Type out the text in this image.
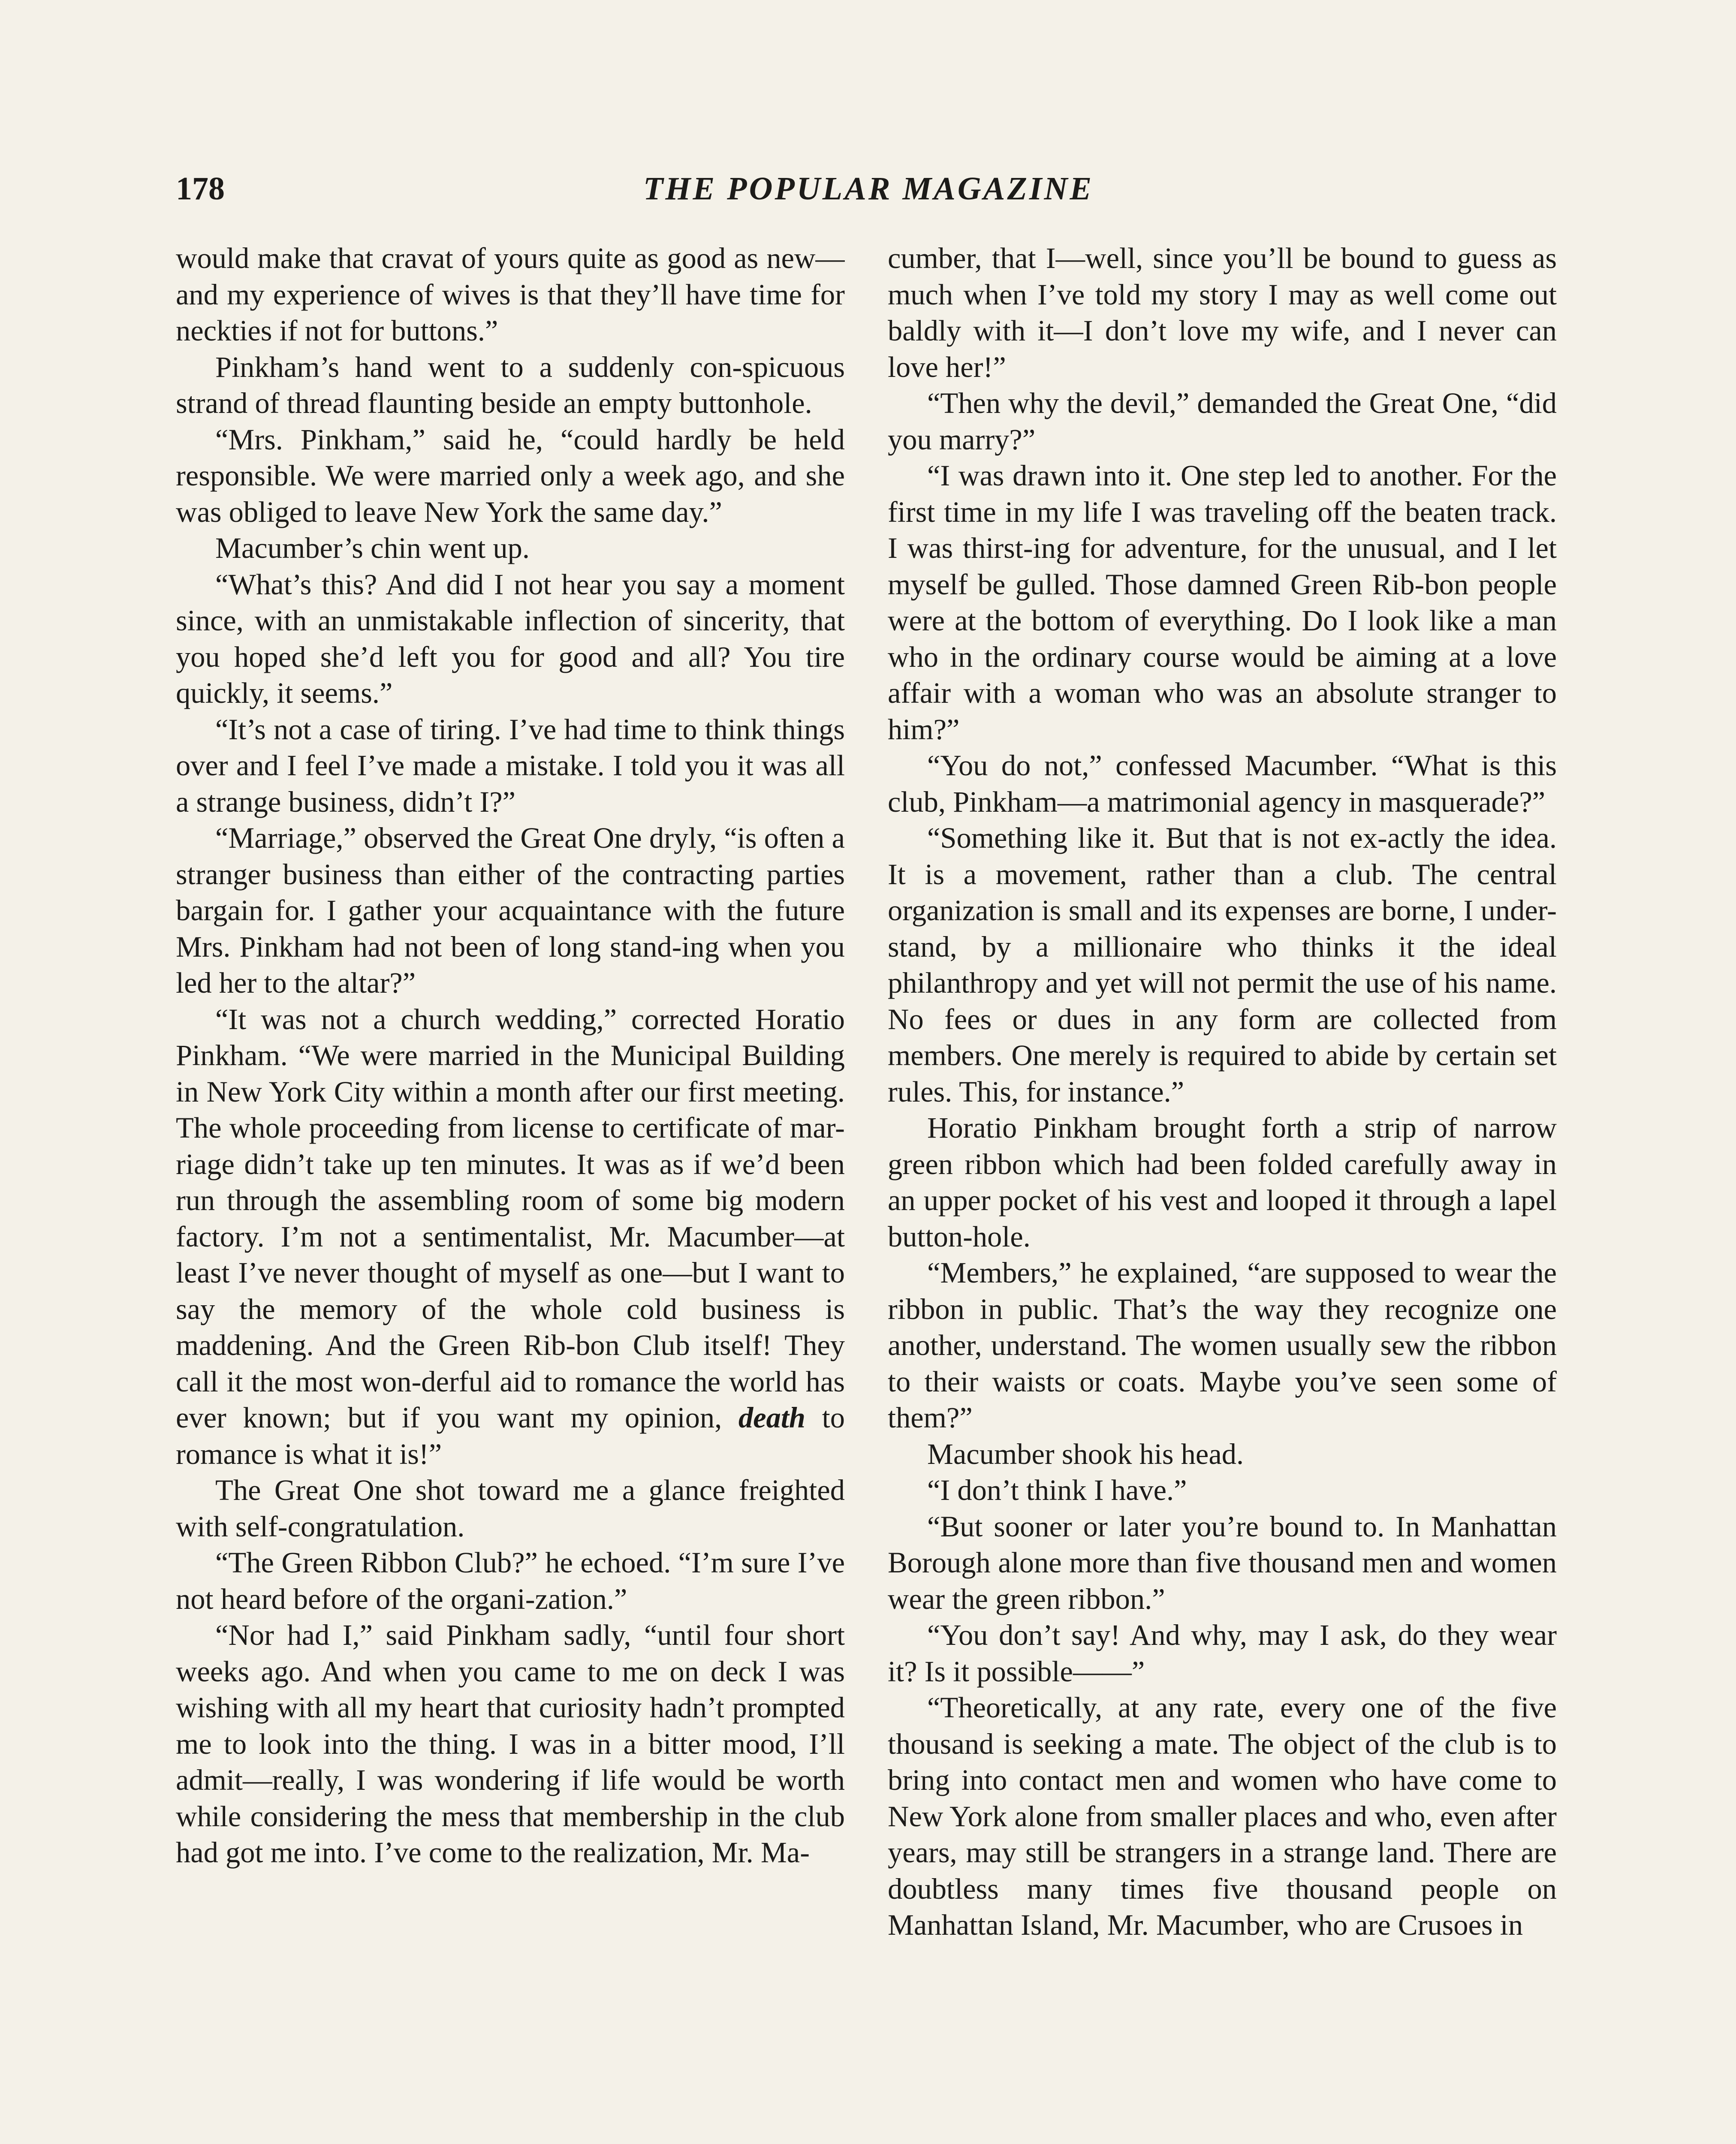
178	THE POPULAR MAGAZINE

would make that cravat of yours quite as good as new—and my experience of wives is that they’ll have time for neckties if not for buttons.”

Pinkham’s hand went to a suddenly con-spicuous strand of thread flaunting beside an empty buttonhole.

“Mrs. Pinkham,” said he, “could hardly be held responsible. We were married only a week ago, and she was obliged to leave New York the same day.”

Macumber’s chin went up.

“What’s this? And did I not hear you say a moment since, with an unmistakable inflection of sincerity, that you hoped she’d left you for good and all? You tire quickly, it seems.”

“It’s not a case of tiring. I’ve had time to think things over and I feel I’ve made a mistake. I told you it was all a strange business, didn’t I?”

“Marriage,” observed the Great One dryly, “is often a stranger business than either of the contracting parties bargain for. I gather your acquaintance with the future Mrs. Pinkham had not been of long stand-ing when you led her to the altar?”

“It was not a church wedding,” corrected Horatio Pinkham. “We were married in the Municipal Building in New York City within a month after our first meeting. The whole proceeding from license to certificate of mar-riage didn’t take up ten minutes. It was as if we’d been run through the assembling room of some big modern factory. I’m not a sentimentalist, Mr. Macumber—at least I’ve never thought of myself as one—but I want to say the memory of the whole cold business is maddening. And the Green Rib-bon Club itself! They call it the most won-derful aid to romance the world has ever known; but if you want my opinion, death to romance is what it is!”

The Great One shot toward me a glance freighted with self-congratulation.

“The Green Ribbon Club?” he echoed. “I’m sure I’ve not heard before of the organi-zation.”

“Nor had I,” said Pinkham sadly, “until four short weeks ago. And when you came to me on deck I was wishing with all my heart that curiosity hadn’t prompted me to look into the thing. I was in a bitter mood, I’ll admit—really, I was wondering if life would be worth while considering the mess that membership in the club had got me into. I’ve come to the realization, Mr. Ma-

cumber, that I—well, since you’ll be bound to guess as much when I’ve told my story I may as well come out baldly with it—I don’t love my wife, and I never can love her!”

“Then why the devil,” demanded the Great One, “did you marry?”

“I was drawn into it. One step led to another. For the first time in my life I was traveling off the beaten track. I was thirst-ing for adventure, for the unusual, and I let myself be gulled. Those damned Green Rib-bon people were at the bottom of everything. Do I look like a man who in the ordinary course would be aiming at a love affair with a woman who was an absolute stranger to him?”

“You do not,” confessed Macumber. “What is this club, Pinkham—a matrimonial agency in masquerade?”

“Something like it. But that is not ex-actly the idea. It is a movement, rather than a club. The central organization is small and its expenses are borne, I under-stand, by a millionaire who thinks it the ideal philanthropy and yet will not permit the use of his name. No fees or dues in any form are collected from members. One merely is required to abide by certain set rules. This, for instance.”

Horatio Pinkham brought forth a strip of narrow green ribbon which had been folded carefully away in an upper pocket of his vest and looped it through a lapel button-hole.

“Members,” he explained, “are supposed to wear the ribbon in public. That’s the way they recognize one another, understand. The women usually sew the ribbon to their waists or coats. Maybe you’ve seen some of them?”

Macumber shook his head.

“I don’t think I have.”

“But sooner or later you’re bound to. In Manhattan Borough alone more than five thousand men and women wear the green ribbon.”

“You don’t say! And why, may I ask, do they wear it? Is it possible——”

“Theoretically, at any rate, every one of the five thousand is seeking a mate. The object of the club is to bring into contact men and women who have come to New York alone from smaller places and who, even after years, may still be strangers in a strange land. There are doubtless many times five thousand people on Manhattan Island, Mr. Macumber, who are Crusoes in
